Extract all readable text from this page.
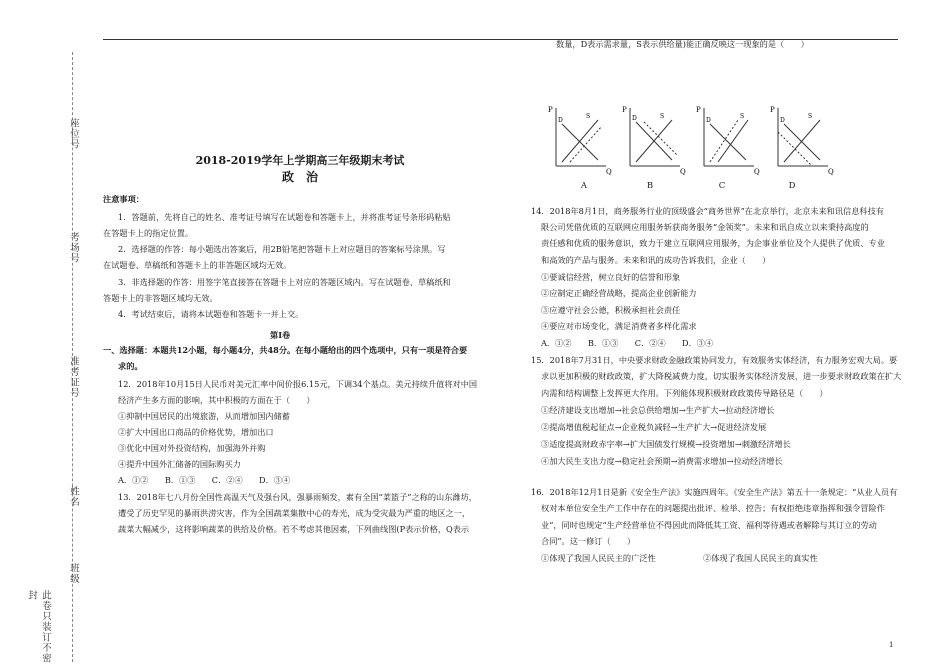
座位号
考场号
准考证号
姓名
班级
此卷只装订不密封
2018-2019学年上学期高三年级期末考试
政　治
注意事项：
1．答题前，先将自己的姓名、准考证号填写在试题卷和答题卡上，并将准考证号条形码粘贴
在答题卡上的指定位置。
2．选择题的作答：每小题选出答案后，用2B铅笔把答题卡上对应题目的答案标号涂黑。写
在试题卷、草稿纸和答题卡上的非答题区域均无效。
3．非选择题的作答：用签字笔直接答在答题卡上对应的答题区域内。写在试题卷、草稿纸和
答题卡上的非答题区域均无效。
4．考试结束后，请将本试题卷和答题卡一并上交。
第Ⅰ卷
一、选择题：本题共12小题，每小题4分，共48分。在每小题给出的四个选项中，只有一项是符合要
求的。
12．2018年10月15日人民币对美元汇率中间价报6.15元，下调34个基点。美元持续升值将对中国
经济产生多方面的影响，其中积极的方面在于（　　）
①抑制中国居民的出境旅游，从而增加国内储蓄
②扩大中国出口商品的价格优势，增加出口
③优化中国对外投资结构，加强海外并购
④提升中国外汇储备的国际购买力
A．①②　　B．①③　　C．②④　　D．③④
13．2018年七八月份全国性高温天气及强台风，强暴雨频发，素有全国“菜篮子”之称的山东潍坊，
遭受了历史罕见的暴雨洪涝灾害，作为全国蔬菜集散中心的寿光，成为受灾最为严重的地区之一，
蔬菜大幅减少，这将影响蔬菜的供给及价格。若不考虑其他因素，下列曲线图(P表示价格，Q表示
数量，D表示需求量，S表示供给量)能正确反映这一现象的是（　　）
P
Q
D
S
P
Q
D	S
P
Q
D
S
P
Q
D
S
A	B	C	D
14．2018年8月1日，商务服务行业的顶级盛会“商务世界”在北京举行，北京未来和讯信息科技有
限公司凭借优质的互联网应用服务斩获商务服务“金领奖”。未来和讯自成立以来秉持高度的
责任感和优质的服务意识，致力于建立互联网应用服务，为企事业单位及个人提供了优质、专业
和高效的产品与服务。未来和讯的成功告诉我们，企业（　　）
①要诚信经营，树立良好的信誉和形象
②应制定正确经营战略，提高企业创新能力
③应遵守社会公德，积极承担社会责任
④要应对市场变化，满足消费者多样化需求
A．①②　　B．①③　　C．②④　　D．③④
15．2018年7月31日，中央要求财政金融政策协同发力，有效服务实体经济，有力服务宏观大局。要
求以更加积极的财政政策，扩大降税减费力度，切实服务实体经济发展，进一步要求财政政策在扩大
内需和结构调整上发挥更大作用。下列能体现积极财政政策传导路径是（　　）
①经济建设支出增加→社会总供给增加→生产扩大→拉动经济增长
②提高增值税起征点→企业税负减轻→生产扩大→促进经济发展
③适度提高财政赤字率→扩大国债发行规模→投资增加→刺激经济增长
④加大民生支出力度→稳定社会预期→消费需求增加→拉动经济增长
16．2018年12月1日是新《安全生产法》实施四周年。《安全生产法》第五十一条规定：“从业人员有
权对本单位安全生产工作中存在的问题提出批评、检举、控告；有权拒绝违章指挥和强令冒险作
业”，同时也规定“生产经营单位不得因此而降低其工资、福利等待遇或者解除与其订立的劳动
合同”。这一修订（　　）
①体现了我国人民民主的广泛性	②体现了我国人民民主的真实性
1
